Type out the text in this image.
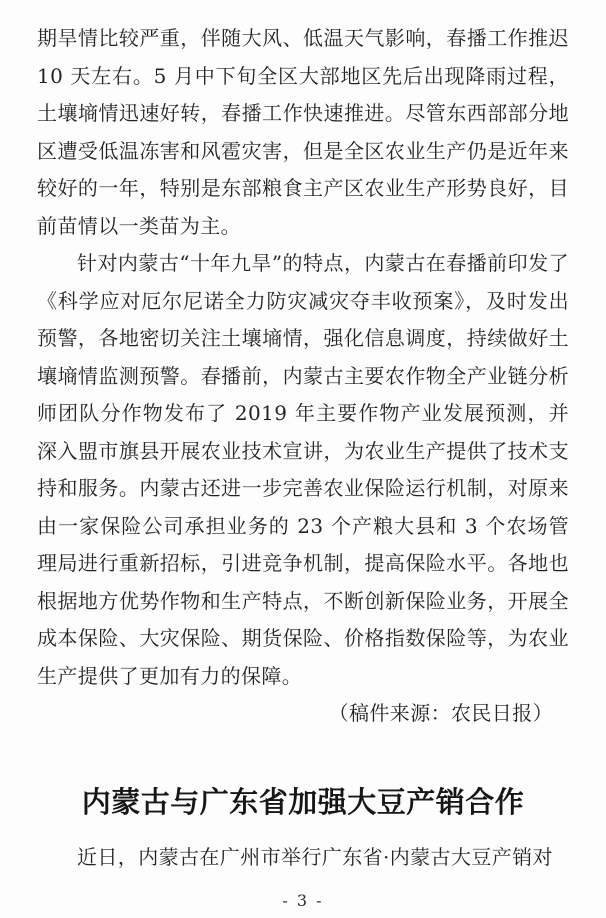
期旱情比较严重，伴随大风、低温天气影响，春播工作推迟 10 天左右。5 月中下旬全区大部地区先后出现降雨过程，土壤墒情迅速好转，春播工作快速推进。尽管东西部部分地区遭受低温冻害和风雹灾害，但是全区农业生产仍是近年来较好的一年，特别是东部粮食主产区农业生产形势良好，目前苗情以一类苗为主。

针对内蒙古“十年九旱”的特点，内蒙古在春播前印发了《科学应对厄尔尼诺全力防灾减灾夺丰收预案》，及时发出预警，各地密切关注土壤墒情，强化信息调度，持续做好土壤墒情监测预警。春播前，内蒙古主要农作物全产业链分析师团队分作物发布了 2019 年主要作物产业发展预测，并深入盟市旗县开展农业技术宣讲，为农业生产提供了技术支持和服务。内蒙古还进一步完善农业保险运行机制，对原来由一家保险公司承担业务的 23 个产粮大县和 3 个农场管理局进行重新招标，引进竞争机制，提高保险水平。各地也根据地方优势作物和生产特点，不断创新保险业务，开展全成本保险、大灾保险、期货保险、价格指数保险等，为农业生产提供了更加有力的保障。

（稿件来源：农民日报）

内蒙古与广东省加强大豆产销合作

近日，内蒙古在广州市举行广东省·内蒙古大豆产销对

- 3 -
